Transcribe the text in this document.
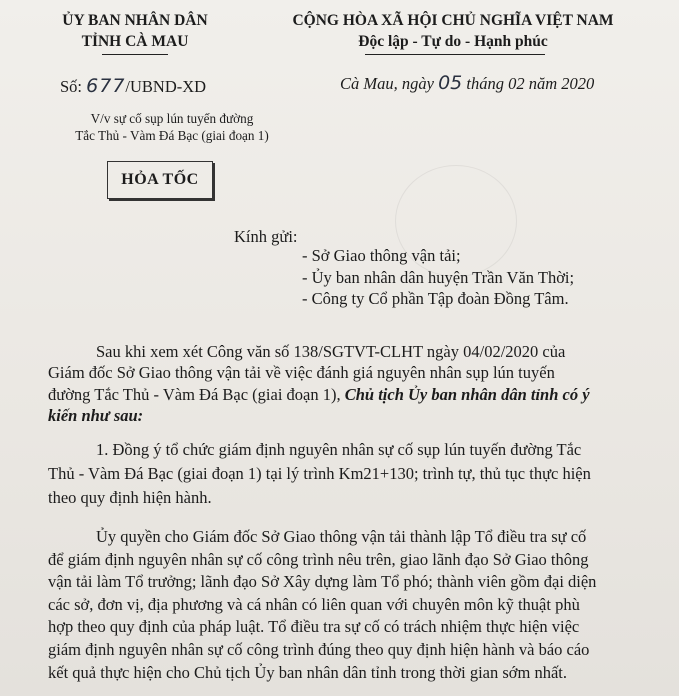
ỦY BAN NHÂN DÂN
TỈNH CÀ MAU
CỘNG HÒA XÃ HỘI CHỦ NGHĨA VIỆT NAM
Độc lập - Tự do - Hạnh phúc
Số: 677/UBND-XD	Cà Mau, ngày 05 tháng 02 năm 2020
V/v sự cố sụp lún tuyến đường
Tắc Thủ - Vàm Đá Bạc (giai đoạn 1)
HỎA TỐC
Kính gửi:
- Sở Giao thông vận tải;
- Ủy ban nhân dân huyện Trần Văn Thời;
- Công ty Cổ phần Tập đoàn Đồng Tâm.
Sau khi xem xét Công văn số 138/SGTVT-CLHT ngày 04/02/2020 của
Giám đốc Sở Giao thông vận tải về việc đánh giá nguyên nhân sụp lún tuyến
đường Tắc Thủ - Vàm Đá Bạc (giai đoạn 1), Chủ tịch Ủy ban nhân dân tỉnh có ý
kiến như sau:
1. Đồng ý tổ chức giám định nguyên nhân sự cố sụp lún tuyến đường Tắc
Thủ - Vàm Đá Bạc (giai đoạn 1) tại lý trình Km21+130; trình tự, thủ tục thực hiện
theo quy định hiện hành.
Ủy quyền cho Giám đốc Sở Giao thông vận tải thành lập Tổ điều tra sự cố
để giám định nguyên nhân sự cố công trình nêu trên, giao lãnh đạo Sở Giao thông
vận tải làm Tổ trưởng; lãnh đạo Sở Xây dựng làm Tổ phó; thành viên gồm đại diện
các sở, đơn vị, địa phương và cá nhân có liên quan với chuyên môn kỹ thuật phù
hợp theo quy định của pháp luật. Tổ điều tra sự cố có trách nhiệm thực hiện việc
giám định nguyên nhân sự cố công trình đúng theo quy định hiện hành và báo cáo
kết quả thực hiện cho Chủ tịch Ủy ban nhân dân tỉnh trong thời gian sớm nhất.
